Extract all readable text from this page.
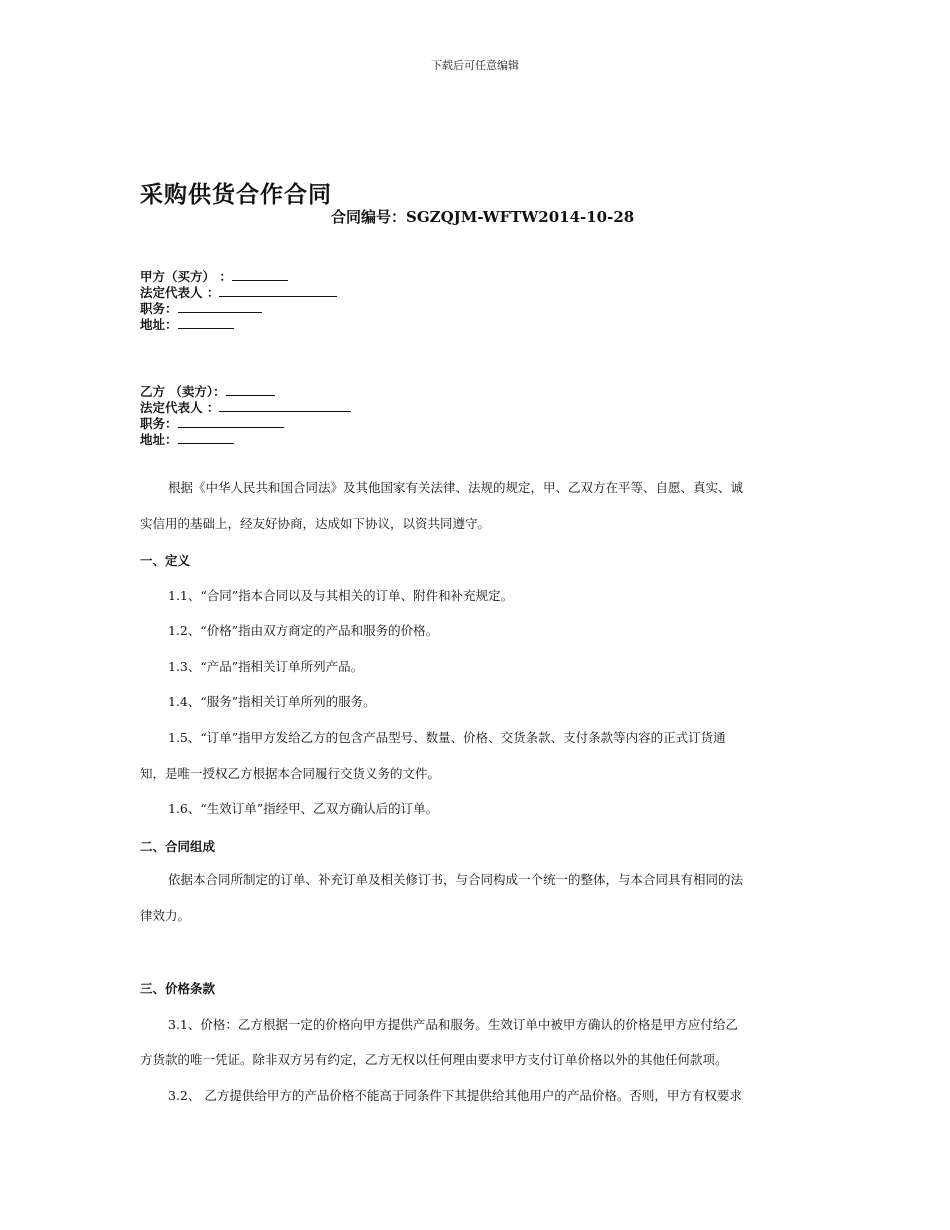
下载后可任意编辑
采购供货合作合同
合同编号：SGZQJM-WFTW2014-10-28
甲方（买方） ：
法定代表人 ：
职务：
地址：
乙方 （卖方）：
法定代表人 ：
职务：
地址：
根据《中华人民共和国合同法》及其他国家有关法律、法规的规定，甲、乙双方在平等、自愿、真实、诚
实信用的基础上，经友好协商，达成如下协议，以资共同遵守。
一、定义
1.1、“合同”指本合同以及与其相关的订单、附件和补充规定。
1.2、“价格”指由双方商定的产品和服务的价格。
1.3、“产品”指相关订单所列产品。
1.4、“服务”指相关订单所列的服务。
1.5、“订单”指甲方发给乙方的包含产品型号、数量、价格、交货条款、支付条款等内容的正式订货通
知，是唯一授权乙方根据本合同履行交货义务的文件。
1.6、“生效订单”指经甲、乙双方确认后的订单。
二、合同组成
依据本合同所制定的订单、补充订单及相关修订书，与合同构成一个统一的整体，与本合同具有相同的法
律效力。
三、价格条款
3.1、价格：乙方根据一定的价格向甲方提供产品和服务。生效订单中被甲方确认的价格是甲方应付给乙
方货款的唯一凭证。除非双方另有约定，乙方无权以任何理由要求甲方支付订单价格以外的其他任何款项。
3.2、 乙方提供给甲方的产品价格不能高于同条件下其提供给其他用户的产品价格。否则，甲方有权要求
